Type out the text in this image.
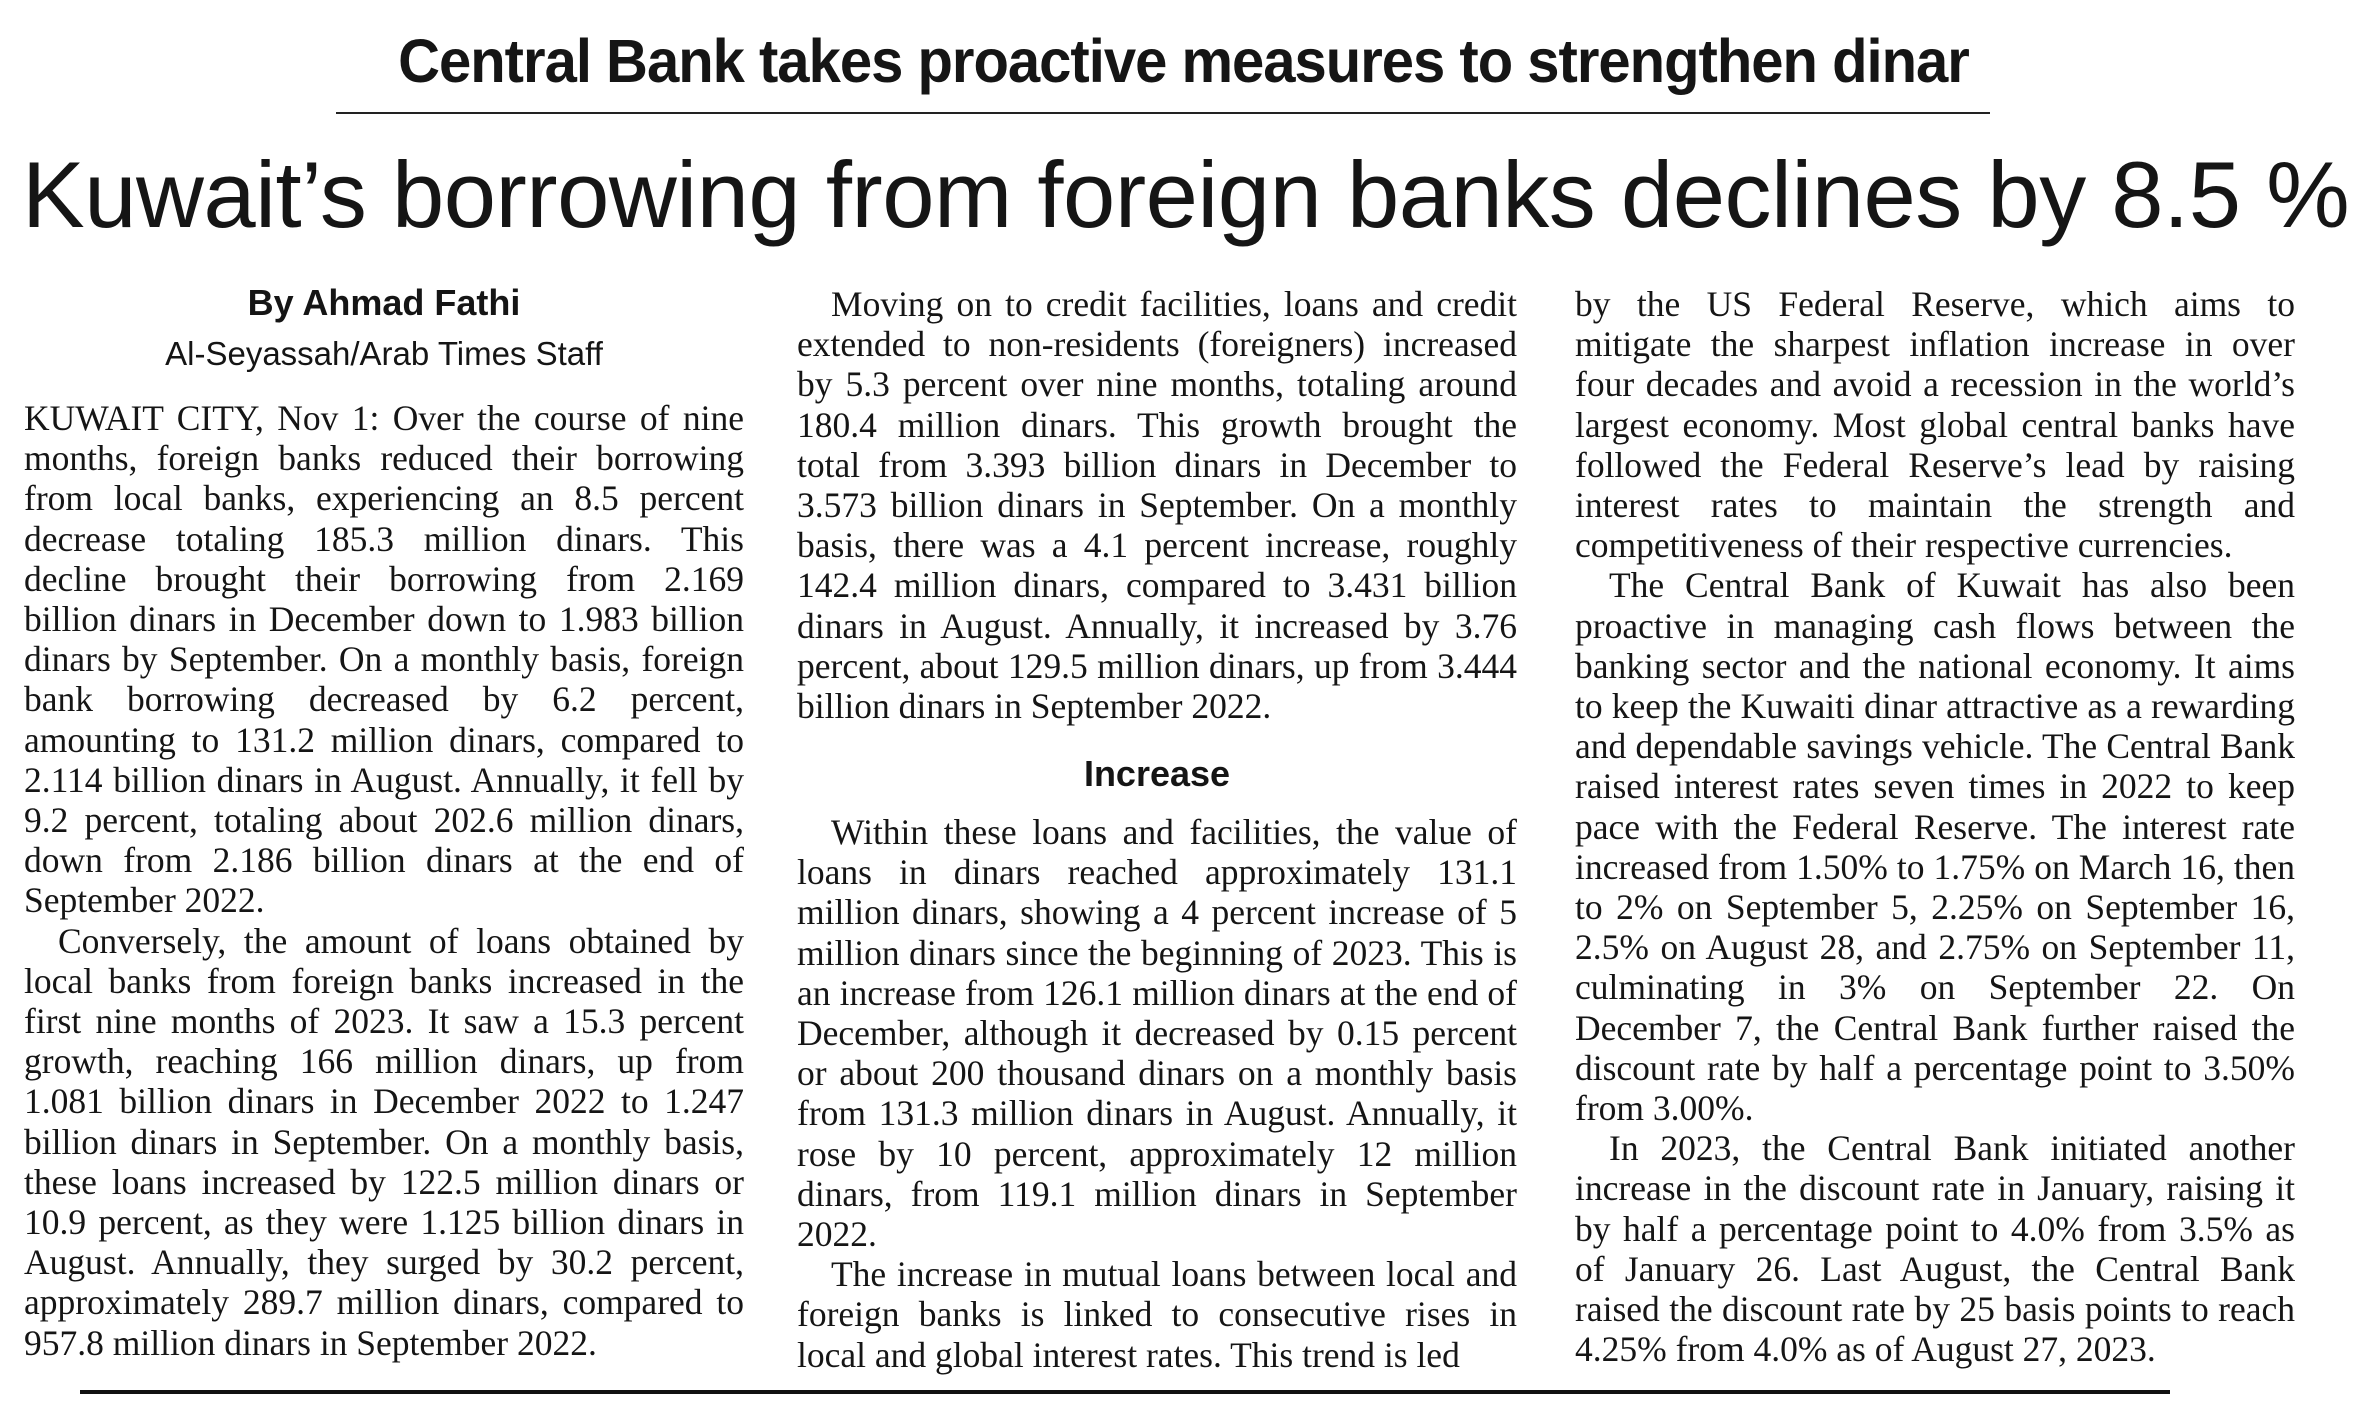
Central Bank takes proactive measures to strengthen dinar
Kuwait’s borrowing from foreign banks declines by 8.5 %
By Ahmad Fathi
Al-Seyassah/Arab Times Staff

KUWAIT CITY, Nov 1: Over the course of nine months, foreign banks reduced their borrowing from local banks, experiencing an 8.5 percent decrease totaling 185.3 million dinars. This decline brought their borrowing from 2.169 billion dinars in December down to 1.983 billion dinars by September. On a monthly basis, foreign bank borrowing decreased by 6.2 percent, amounting to 131.2 million dinars, compared to 2.114 billion dinars in August. Annually, it fell by 9.2 percent, totaling about 202.6 million dinars, down from 2.186 billion dinars at the end of September 2022.

Conversely, the amount of loans obtained by local banks from foreign banks increased in the first nine months of 2023. It saw a 15.3 percent growth, reaching 166 million dinars, up from 1.081 billion dinars in December 2022 to 1.247 billion dinars in September. On a monthly basis, these loans increased by 122.5 million dinars or 10.9 percent, as they were 1.125 billion dinars in August. Annually, they surged by 30.2 percent, approximately 289.7 million dinars, compared to 957.8 million dinars in September 2022.

Moving on to credit facilities, loans and credit extended to non-residents (foreigners) increased by 5.3 percent over nine months, totaling around 180.4 million dinars. This growth brought the total from 3.393 billion dinars in December to 3.573 billion dinars in September. On a monthly basis, there was a 4.1 percent increase, roughly 142.4 million dinars, compared to 3.431 billion dinars in August. Annually, it increased by 3.76 percent, about 129.5 million dinars, up from 3.444 billion dinars in September 2022.

Increase

Within these loans and facilities, the value of loans in dinars reached approximately 131.1 million dinars, showing a 4 percent increase of 5 million dinars since the beginning of 2023. This is an increase from 126.1 million dinars at the end of December, although it decreased by 0.15 percent or about 200 thousand dinars on a monthly basis from 131.3 million dinars in August. Annually, it rose by 10 percent, approximately 12 million dinars, from 119.1 million dinars in September 2022.

The increase in mutual loans between local and foreign banks is linked to consecutive rises in local and global interest rates. This trend is led

by the US Federal Reserve, which aims to mitigate the sharpest inflation increase in over four decades and avoid a recession in the world’s largest economy. Most global central banks have followed the Federal Reserve’s lead by raising interest rates to maintain the strength and competitiveness of their respective currencies.

The Central Bank of Kuwait has also been proactive in managing cash flows between the banking sector and the national economy. It aims to keep the Kuwaiti dinar attractive as a rewarding and dependable savings vehicle. The Central Bank raised interest rates seven times in 2022 to keep pace with the Federal Reserve. The interest rate increased from 1.50% to 1.75% on March 16, then to 2% on September 5, 2.25% on September 16, 2.5% on August 28, and 2.75% on September 11, culminating in 3% on September 22. On December 7, the Central Bank further raised the discount rate by half a percentage point to 3.50% from 3.00%.

In 2023, the Central Bank initiated another increase in the discount rate in January, raising it by half a percentage point to 4.0% from 3.5% as of January 26. Last August, the Central Bank raised the discount rate by 25 basis points to reach 4.25% from 4.0% as of August 27, 2023.
